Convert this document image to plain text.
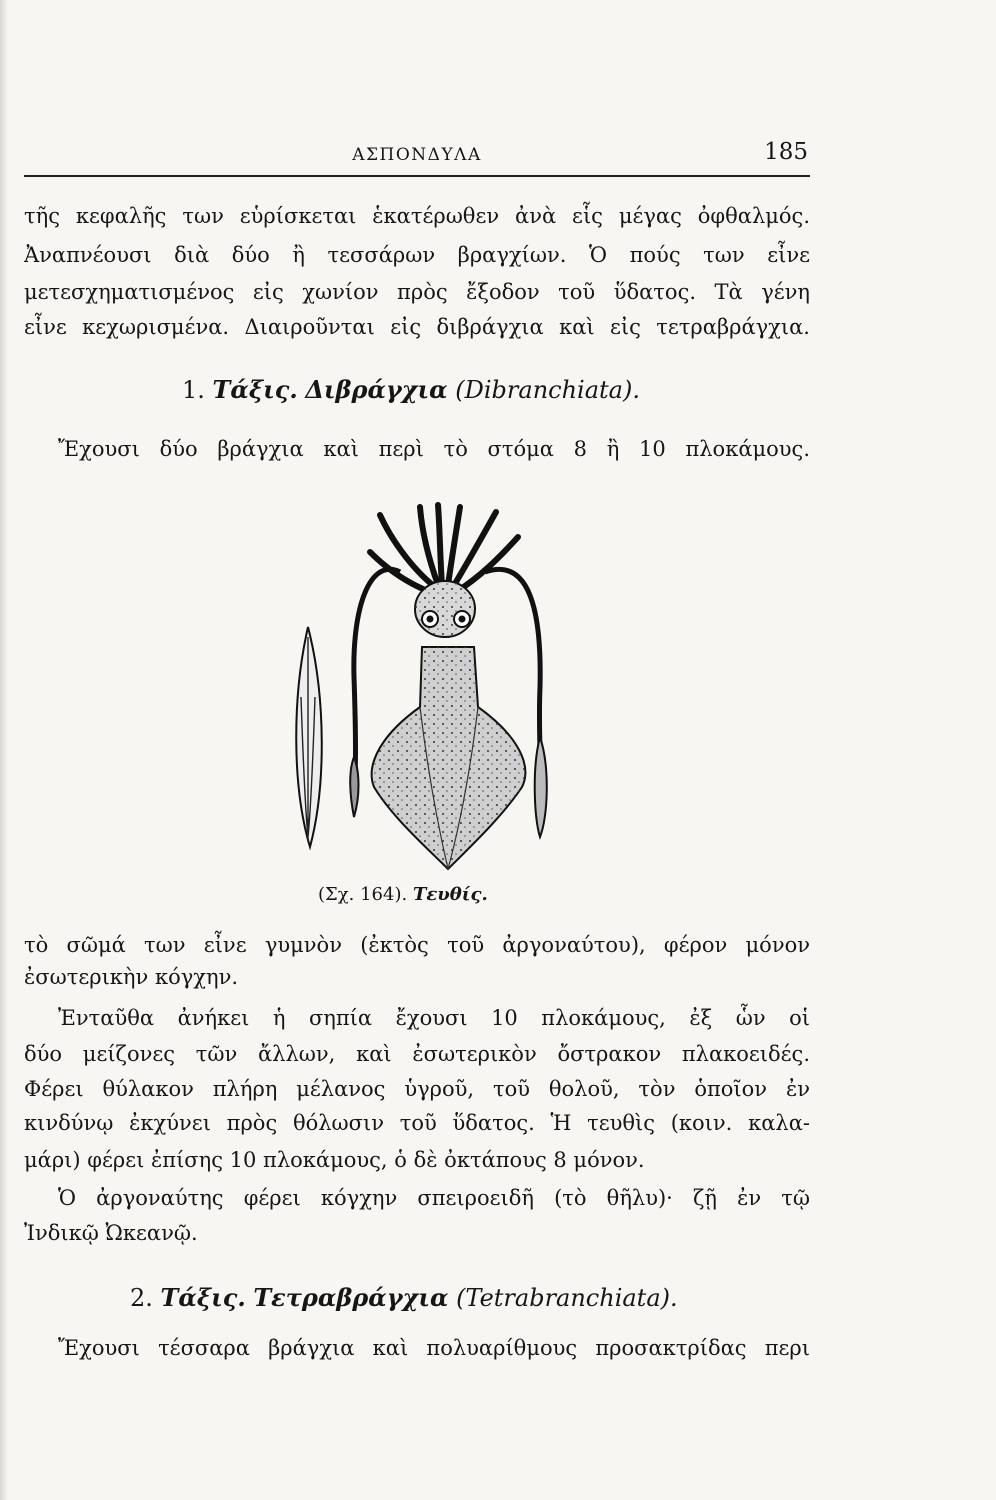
ΑΣΠΟΝΔΥΛΑ	185
τῆς κεφαλῆς των εὑρίσκεται ἑκατέρωθεν ἀνὰ εἷς μέγας ὀφθαλμός.
Ἀναπνέουσι διὰ δύο ἢ τεσσάρων βραγχίων. Ὁ πούς των εἶνε
μετεσχηματισμένος εἰς χωνίον πρὸς ἔξοδον τοῦ ὕδατος. Τὰ γένη
εἶνε κεχωρισμένα. Διαιροῦνται εἰς διβράγχια καὶ εἰς τετραβράγχια.
1. Τάξις. Διβράγχια (Dibranchiata).
Ἔχουσι δύο βράγχια καὶ περὶ τὸ στόμα 8 ἢ 10 πλοκάμους.
(Σχ. 164). Τευθίς.
τὸ σῶμά των εἶνε γυμνὸν (ἐκτὸς τοῦ ἀργοναύτου), φέρον μόνον
ἐσωτερικὴν κόγχην.
Ἐνταῦθα ἀνήκει ἡ σηπία ἔχουσι 10 πλοκάμους, ἐξ ὧν οἱ
δύο μείζονες τῶν ἄλλων, καὶ ἐσωτερικὸν ὄστρακον πλακοειδές.
Φέρει θύλακον πλήρη μέλανος ὑγροῦ, τοῦ θολοῦ, τὸν ὁποῖον ἐν
κινδύνῳ ἐκχύνει πρὸς θόλωσιν τοῦ ὕδατος. Ἡ τευθὶς (κοιν. καλα-
μάρι) φέρει ἐπίσης 10 πλοκάμους, ὁ δὲ ὀκτάπους 8 μόνον.
Ὁ ἀργοναύτης φέρει κόγχην σπειροειδῆ (τὸ θῆλυ)· ζῇ ἐν τῷ
Ἰνδικῷ Ὠκεανῷ.
2. Τάξις. Τετραβράγχια (Tetrabranchiata).
Ἔχουσι τέσσαρα βράγχια καὶ πολυαρίθμους προσακτρίδας περι
